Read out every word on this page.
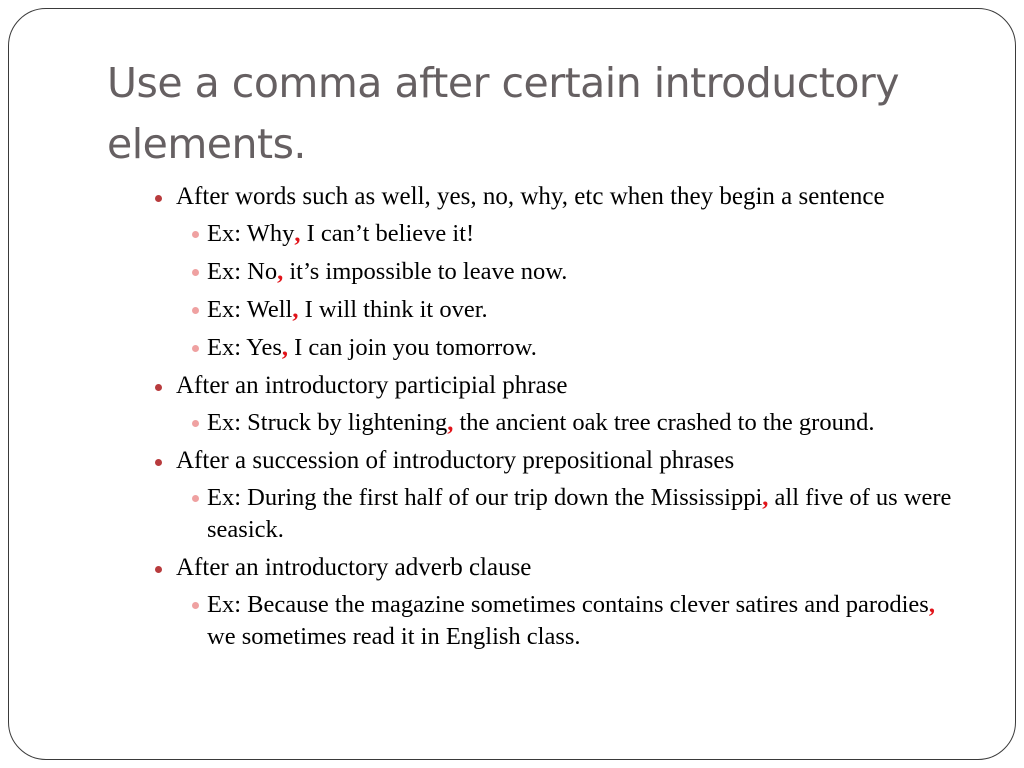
Use a comma after certain introductory elements.
After words such as well, yes, no, why, etc when they begin a sentence
Ex: Why, I can’t believe it!
Ex: No, it’s impossible to leave now.
Ex: Well, I will think it over.
Ex: Yes, I can join you tomorrow.
After an introductory participial phrase
Ex: Struck by lightening, the ancient oak tree crashed to the ground.
After a succession of introductory prepositional phrases
Ex: During the first half of our trip down the Mississippi, all five of us were seasick.
After an introductory adverb clause
Ex: Because the magazine sometimes contains clever satires and parodies, we sometimes read it in English class.
